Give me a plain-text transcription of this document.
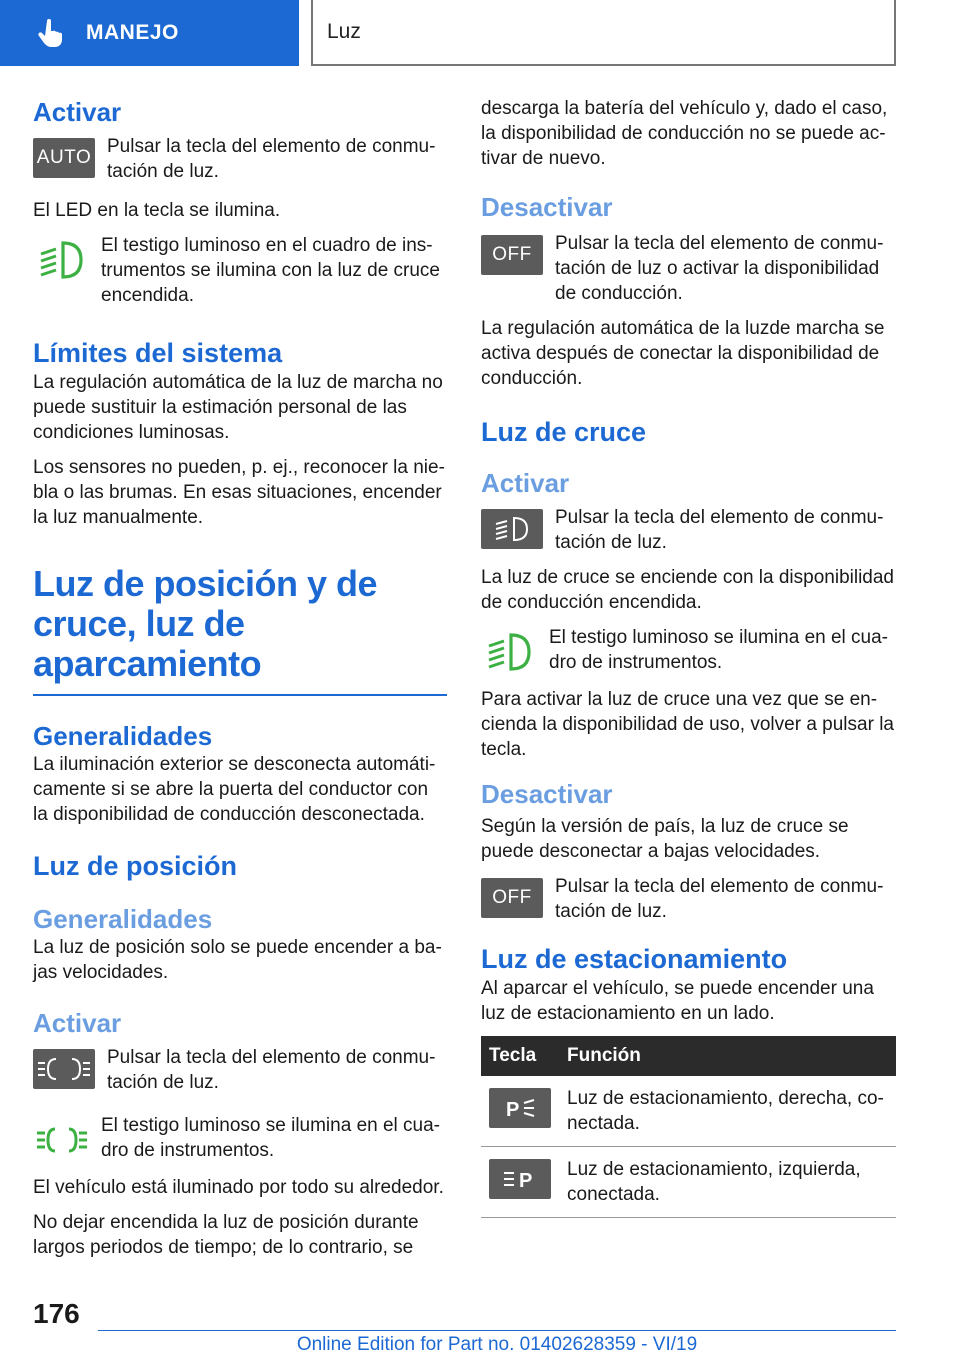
MANEJO	Luz
Activar
AUTO
Pulsar la tecla del elemento de conmu-tación de luz.

El LED en la tecla se ilumina.

El testigo luminoso en el cuadro de ins-trumentos se ilumina con la luz de cruce encendida.
Límites del sistema

La regulación automática de la luz de marcha no puede sustituir la estimación personal de las condiciones luminosas.

Los sensores no pueden, p. ej., reconocer la nie-bla o las brumas. En esas situaciones, encender la luz manualmente.

Luz de posición y de cruce, luz de aparcamiento
Generalidades

La iluminación exterior se desconecta automáti-camente si se abre la puerta del conductor con la disponibilidad de conducción desconectada.

Luz de posición
Generalidades

La luz de posición solo se puede encender a ba-jas velocidades.

Activar
Pulsar la tecla del elemento de conmu-tación de luz.
El testigo luminoso se ilumina en el cua-dro de instrumentos.

El vehículo está iluminado por todo su alrededor.

No dejar encendida la luz de posición durante largos periodos de tiempo; de lo contrario, se

descarga la batería del vehículo y, dado el caso, la disponibilidad de conducción no se puede ac-tivar de nuevo.

Desactivar
OFF
Pulsar la tecla del elemento de conmu-tación de luz o activar la disponibilidad de conducción.

La regulación automática de la luzde marcha se activa después de conectar la disponibilidad de conducción.

Luz de cruce
Activar
Pulsar la tecla del elemento de conmu-tación de luz.

La luz de cruce se enciende con la disponibilidad de conducción encendida.

El testigo luminoso se ilumina en el cua-dro de instrumentos.

Para activar la luz de cruce una vez que se en-cienda la disponibilidad de uso, volver a pulsar la tecla.

Desactivar

Según la versión de país, la luz de cruce se puede desconectar a bajas velocidades.

OFF
Pulsar la tecla del elemento de conmu-tación de luz.
Luz de estacionamiento

Al aparcar el vehículo, se puede encender una luz de estacionamiento en un lado.

Tecla	Función

P	Luz de estacionamiento, derecha, co-nectada.

P	Luz de estacionamiento, izquierda, conectada.
176
Online Edition for Part no. 01402628359 - VI/19
